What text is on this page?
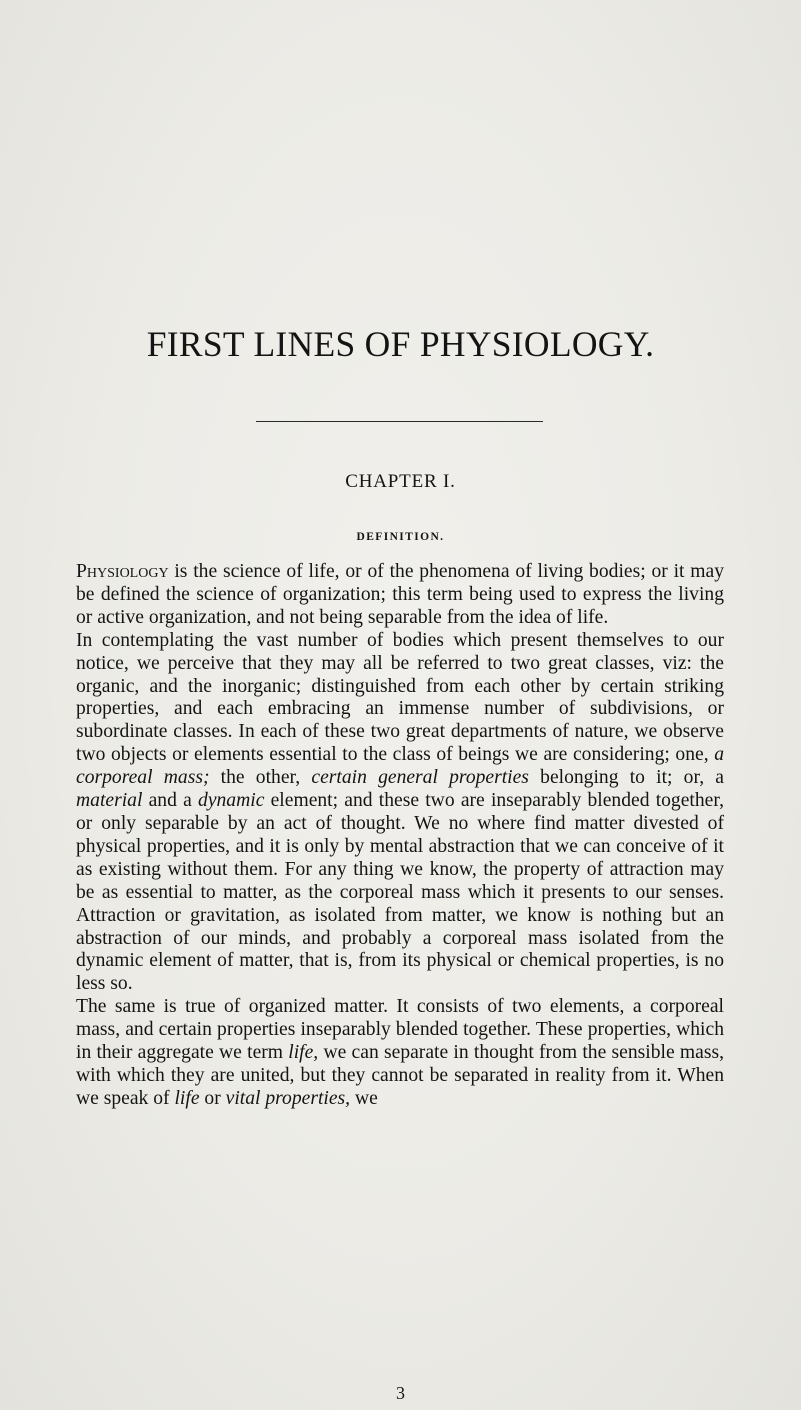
FIRST LINES OF PHYSIOLOGY.
CHAPTER I.
DEFINITION.

Physiology is the science of life, or of the phenomena of living bodies; or it may be defined the science of organization; this term being used to express the living or active organization, and not being separable from the idea of life.

In contemplating the vast number of bodies which present themselves to our notice, we perceive that they may all be referred to two great classes, viz: the organic, and the inorganic; distinguished from each other by certain striking properties, and each embracing an immense number of subdivisions, or subordinate classes. In each of these two great departments of nature, we observe two objects or elements essential to the class of beings we are considering; one, a corporeal mass; the other, certain general properties belonging to it; or, a material and a dynamic element; and these two are inseparably blended together, or only separable by an act of thought. We no where find matter divested of physical properties, and it is only by mental abstraction that we can conceive of it as existing without them. For any thing we know, the property of attraction may be as essential to matter, as the corporeal mass which it presents to our senses. Attraction or gravitation, as isolated from matter, we know is nothing but an abstraction of our minds, and probably a corporeal mass isolated from the dynamic element of matter, that is, from its physical or chemical properties, is no less so.

The same is true of organized matter. It consists of two elements, a corporeal mass, and certain properties inseparably blended together. These properties, which in their aggregate we term life, we can separate in thought from the sensible mass, with which they are united, but they cannot be separated in reality from it. When we speak of life or vital properties, we

3
